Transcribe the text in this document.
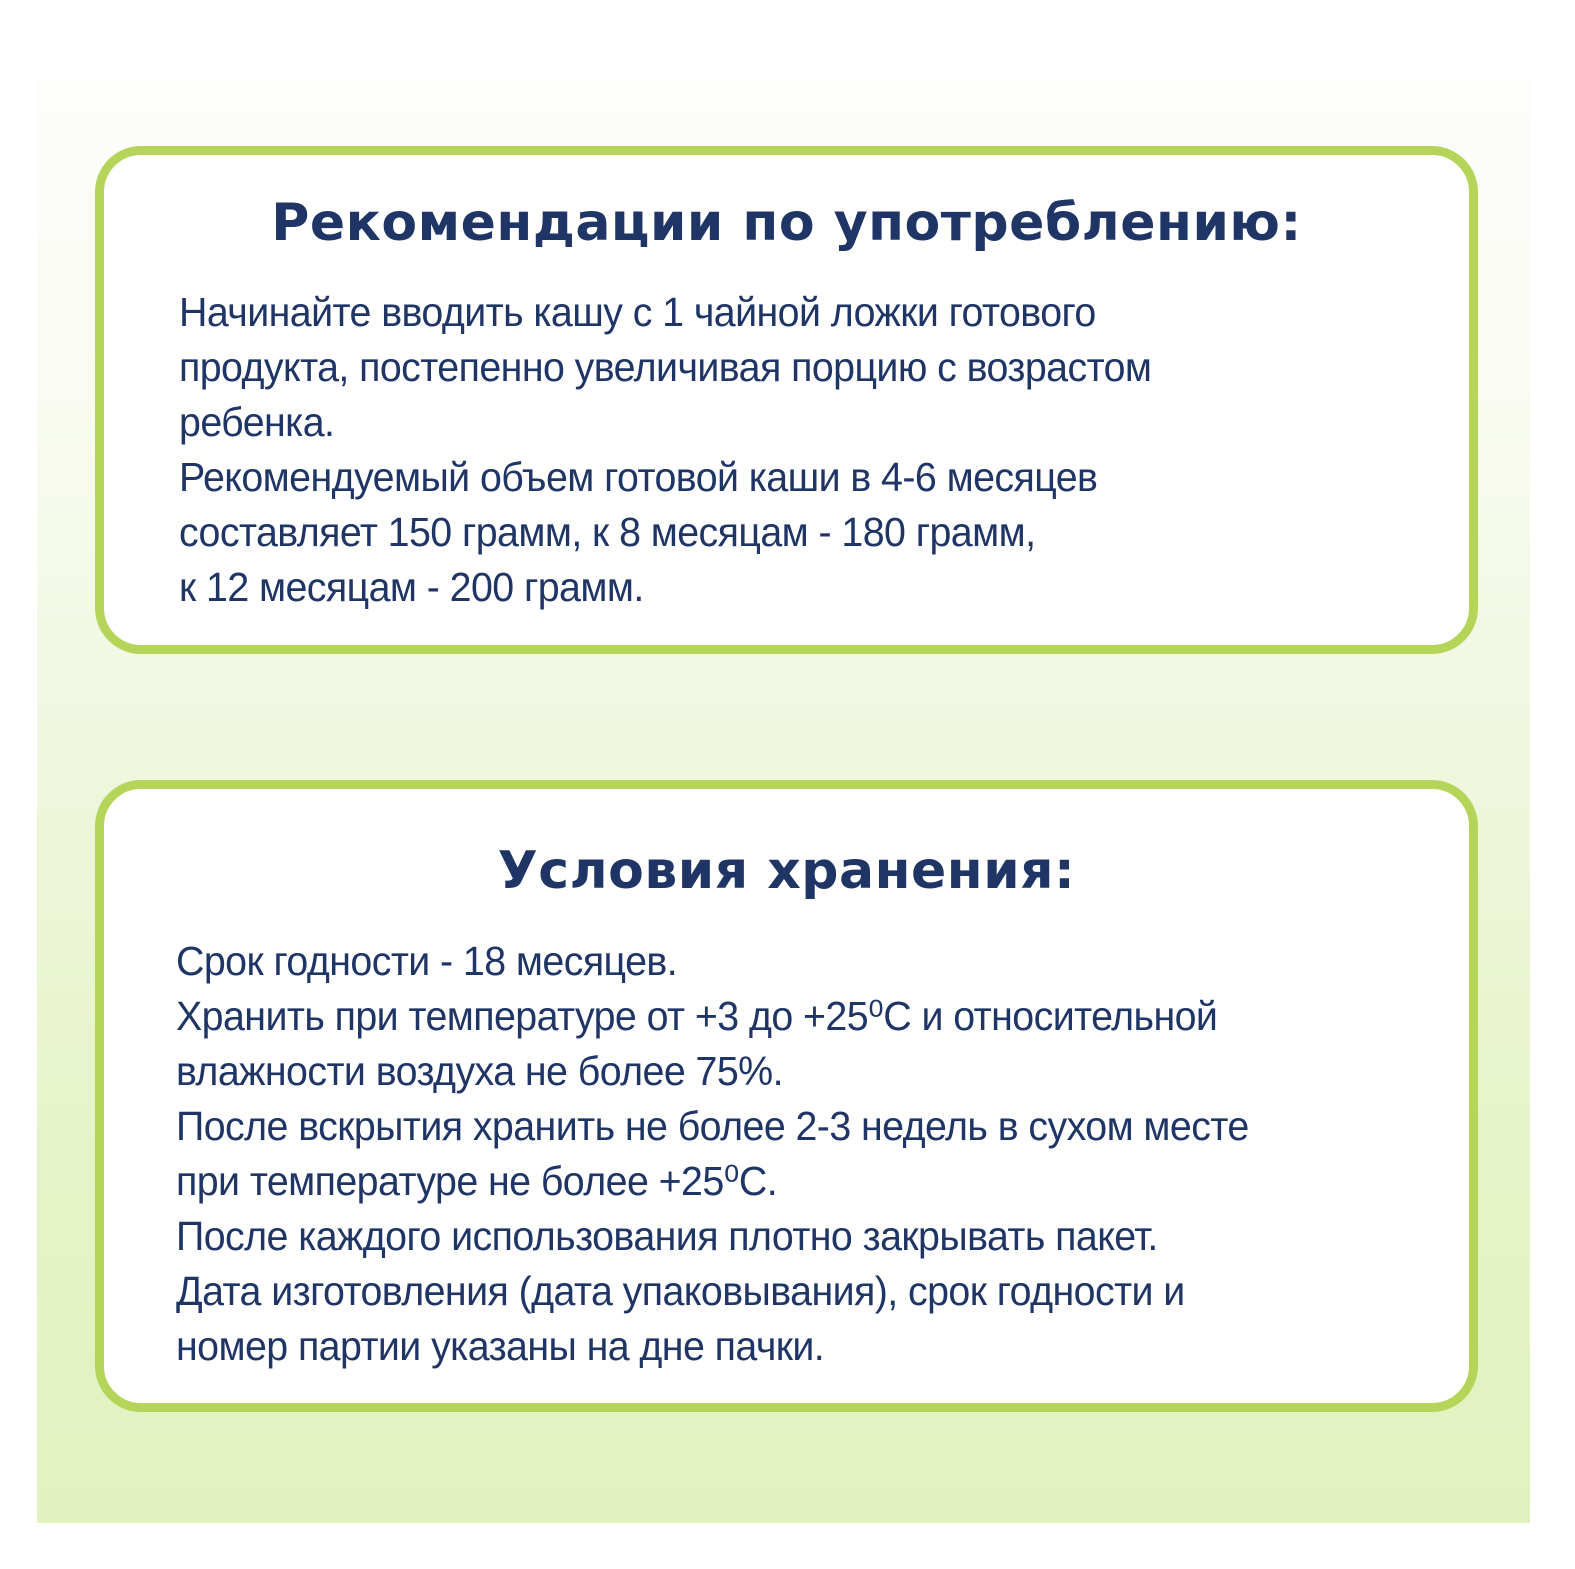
Рекомендации по употреблению:
Начинайте вводить кашу с 1 чайной ложки готового
продукта, постепенно увеличивая порцию с возрастом
ребенка.
Рекомендуемый объем готовой каши в 4-6 месяцев
составляет 150 грамм, к 8 месяцам - 180 грамм,
к 12 месяцам - 200 грамм.
Условия хранения:
Срок годности - 18 месяцев.
Хранить при температуре от +3 до +25⁰С и относительной
влажности воздуха не более 75%.
После вскрытия хранить не более 2-3 недель в сухом месте
при температуре не более +25⁰С.
После каждого использования плотно закрывать пакет.
Дата изготовления (дата упаковывания), срок годности и
номер партии указаны на дне пачки.
